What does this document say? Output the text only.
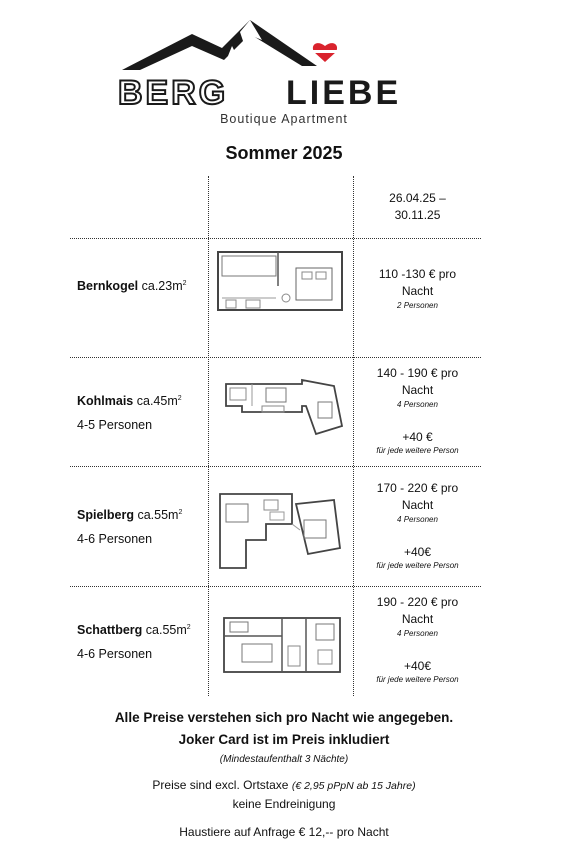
BERG LIEBE
Boutique Apartment
Sommer 2025
26.04.25 –
30.11.25
Bernkogel $ca.23m^2$
110 -130 € pro
Nacht
2 Personen
Kohlmais $ca.45m^2$
4-5 Personen
140 - 190 € pro
Nacht
4 Personen
+40 €
für jede weitere Person
Spielberg $ca.55m^2$
4-6 Personen
170 - 220 € pro
Nacht
4 Personen
+40€
für jede weitere Person
Schattberg $ca.55m^2$
4-6 Personen
190 - 220 € pro
Nacht
4 Personen
+40€
für jede weitere Person
Alle Preise verstehen sich pro Nacht wie angegeben.
Joker Card ist im Preis inkludiert
(Mindestaufenthalt 3 Nächte)
Preise sind excl. Ortstaxe (€ 2,95 pPpN ab 15 Jahre)
keine Endreinigung
Haustiere auf Anfrage € 12,-- pro Nacht
